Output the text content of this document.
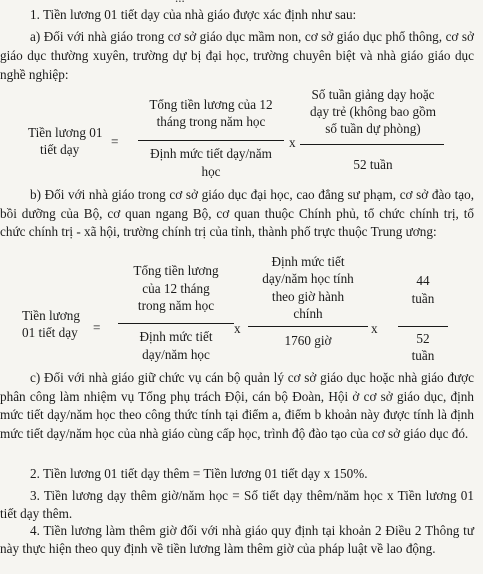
1. Tiền lương 01 tiết dạy của nhà giáo được xác định như sau:
a) Đối với nhà giáo trong cơ sở giáo dục mầm non, cơ sở giáo dục phổ thông, cơ sở giáo dục thường xuyên, trường dự bị đại học, trường chuyên biệt và nhà giáo giáo dục nghề nghiệp:
Tiền lương 01
tiết dạy
=
Tổng tiền lương của 12
tháng trong năm học
Định mức tiết dạy/năm
học
x
Số tuần giảng dạy hoặc
dạy trẻ (không bao gồm
số tuần dự phòng)
52 tuần
b) Đối với nhà giáo trong cơ sở giáo dục đại học, cao đẳng sư phạm, cơ sở đào tạo, bồi dưỡng của Bộ, cơ quan ngang Bộ, cơ quan thuộc Chính phủ, tổ chức chính trị, tổ chức chính trị - xã hội, trường chính trị của tỉnh, thành phố trực thuộc Trung ương:
Tiền lương
01 tiết dạy =
Tổng tiền lương
của 12 tháng
trong năm học
Định mức tiết
dạy/năm học
x
Định mức tiết
dạy/năm học tính
theo giờ hành
chính
1760 giờ
x
44
tuần
52
tuần
c) Đối với nhà giáo giữ chức vụ cán bộ quản lý cơ sở giáo dục hoặc nhà giáo được phân công làm nhiệm vụ Tổng phụ trách Đội, cán bộ Đoàn, Hội ở cơ sở giáo dục, định mức tiết dạy/năm học theo công thức tính tại điểm a, điểm b khoản này được tính là định mức tiết dạy/năm học của nhà giáo cùng cấp học, trình độ đào tạo của cơ sở giáo dục đó.
2. Tiền lương 01 tiết dạy thêm = Tiền lương 01 tiết dạy x 150%.
3. Tiền lương dạy thêm giờ/năm học = Số tiết dạy thêm/năm học x Tiền lương 01 tiết dạy thêm.
4. Tiền lương làm thêm giờ đối với nhà giáo quy định tại khoản 2 Điều 2 Thông tư này thực hiện theo quy định về tiền lương làm thêm giờ của pháp luật về lao động.
